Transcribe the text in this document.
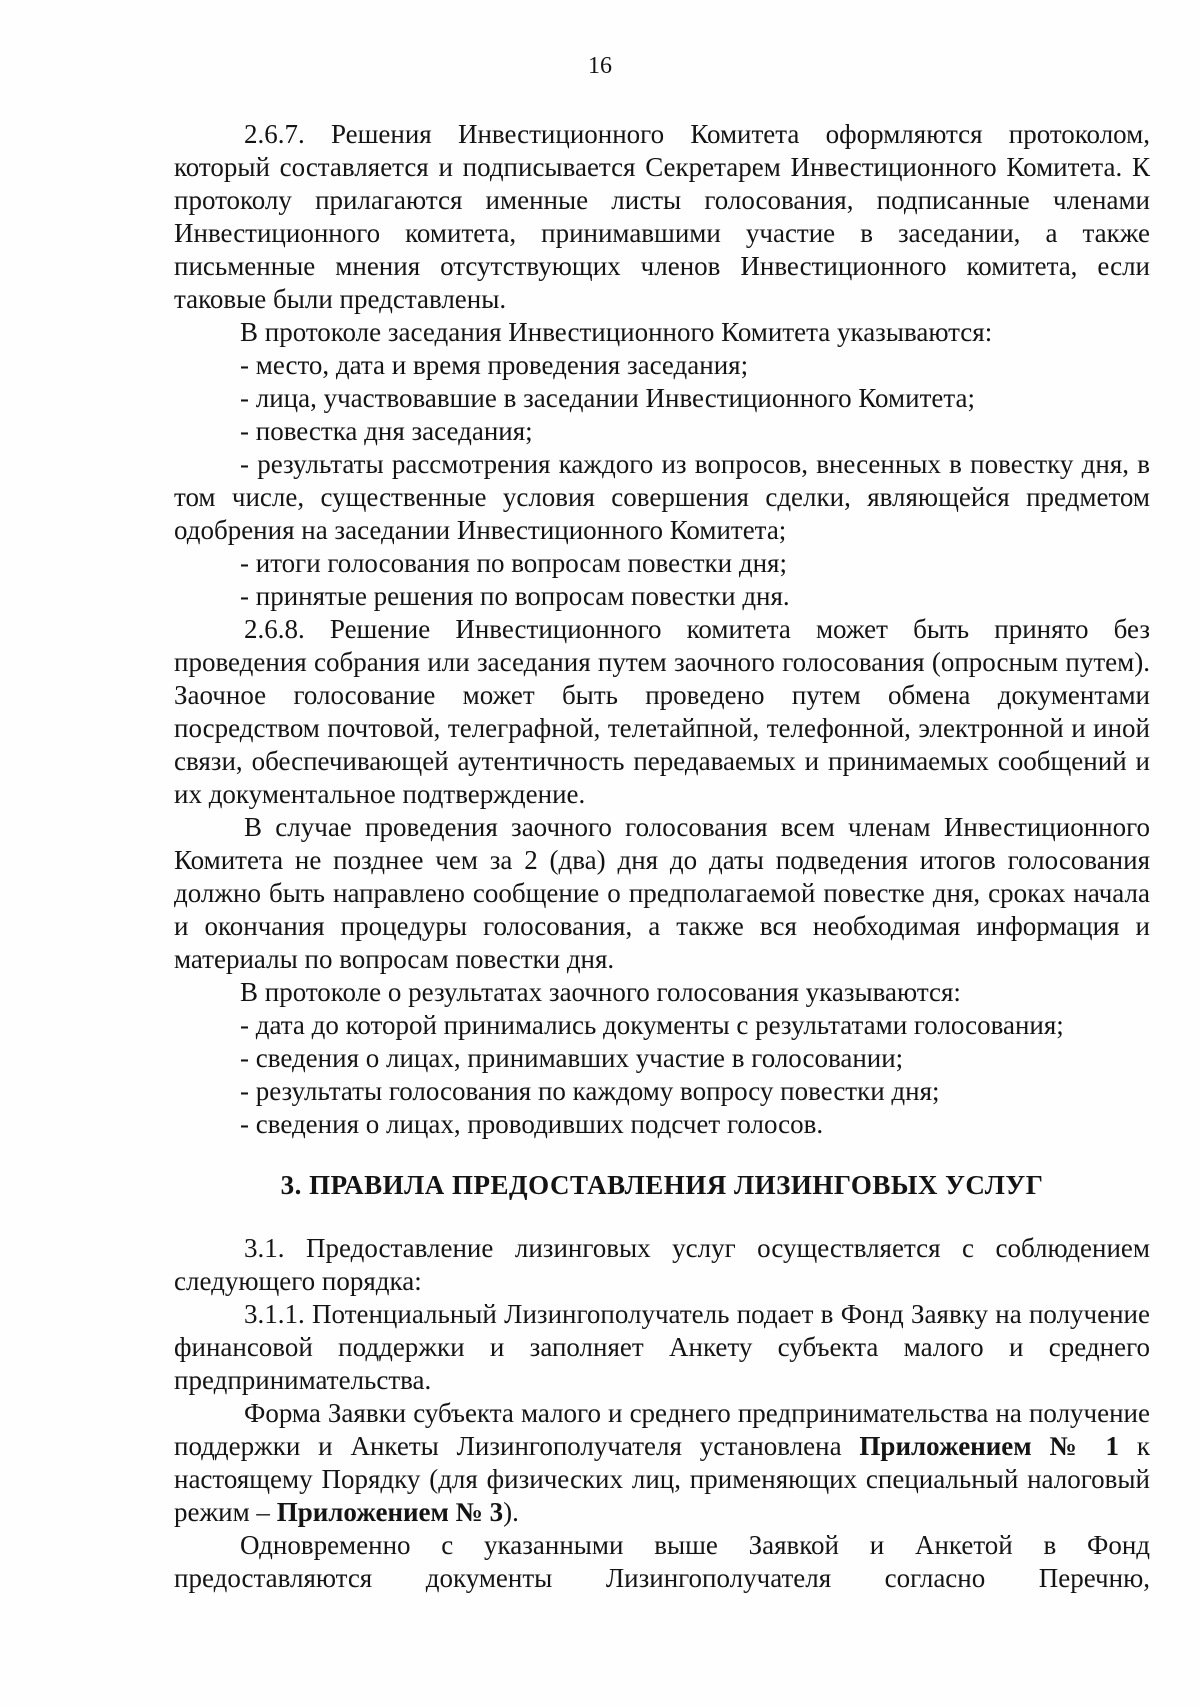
16

2.6.7. Решения Инвестиционного Комитета оформляются протоколом, который составляется и подписывается Секретарем Инвестиционного Комитета. К протоколу прилагаются именные листы голосования, подписанные членами Инвестиционного комитета, принимавшими участие в заседании, а также письменные мнения отсутствующих членов Инвестиционного комитета, если таковые были представлены.

В протоколе заседания Инвестиционного Комитета указываются:

- место, дата и время проведения заседания;

- лица, участвовавшие в заседании Инвестиционного Комитета;

- повестка дня заседания;

- результаты рассмотрения каждого из вопросов, внесенных в повестку дня, в том числе, существенные условия совершения сделки, являющейся предметом одобрения на заседании Инвестиционного Комитета;

- итоги голосования по вопросам повестки дня;

- принятые решения по вопросам повестки дня.

2.6.8. Решение Инвестиционного комитета может быть принято без проведения собрания или заседания путем заочного голосования (опросным путем). Заочное голосование может быть проведено путем обмена документами посредством почтовой, телеграфной, телетайпной, телефонной, электронной и иной связи, обеспечивающей аутентичность передаваемых и принимаемых сообщений и их документальное подтверждение.

В случае проведения заочного голосования всем членам Инвестиционного Комитета не позднее чем за 2 (два) дня до даты подведения итогов голосования должно быть направлено сообщение о предполагаемой повестке дня, сроках начала и окончания процедуры голосования, а также вся необходимая информация и материалы по вопросам повестки дня.

В протоколе о результатах заочного голосования указываются:

- дата до которой принимались документы с результатами голосования;

- сведения о лицах, принимавших участие в голосовании;

- результаты голосования по каждому вопросу повестки дня;

- сведения о лицах, проводивших подсчет голосов.

3. ПРАВИЛА ПРЕДОСТАВЛЕНИЯ ЛИЗИНГОВЫХ УСЛУГ

3.1. Предоставление лизинговых услуг осуществляется с соблюдением следующего порядка:

3.1.1. Потенциальный Лизингополучатель подает в Фонд Заявку на получение финансовой поддержки и заполняет Анкету субъекта малого и среднего предпринимательства.

Форма Заявки субъекта малого и среднего предпринимательства на получение поддержки и Анкеты Лизингополучателя установлена Приложением № 1 к настоящему Порядку (для физических лиц, применяющих специальный налоговый режим – Приложением № 3).

Одновременно с указанными выше Заявкой и Анкетой в Фонд предоставляются документы Лизингополучателя согласно Перечню,
